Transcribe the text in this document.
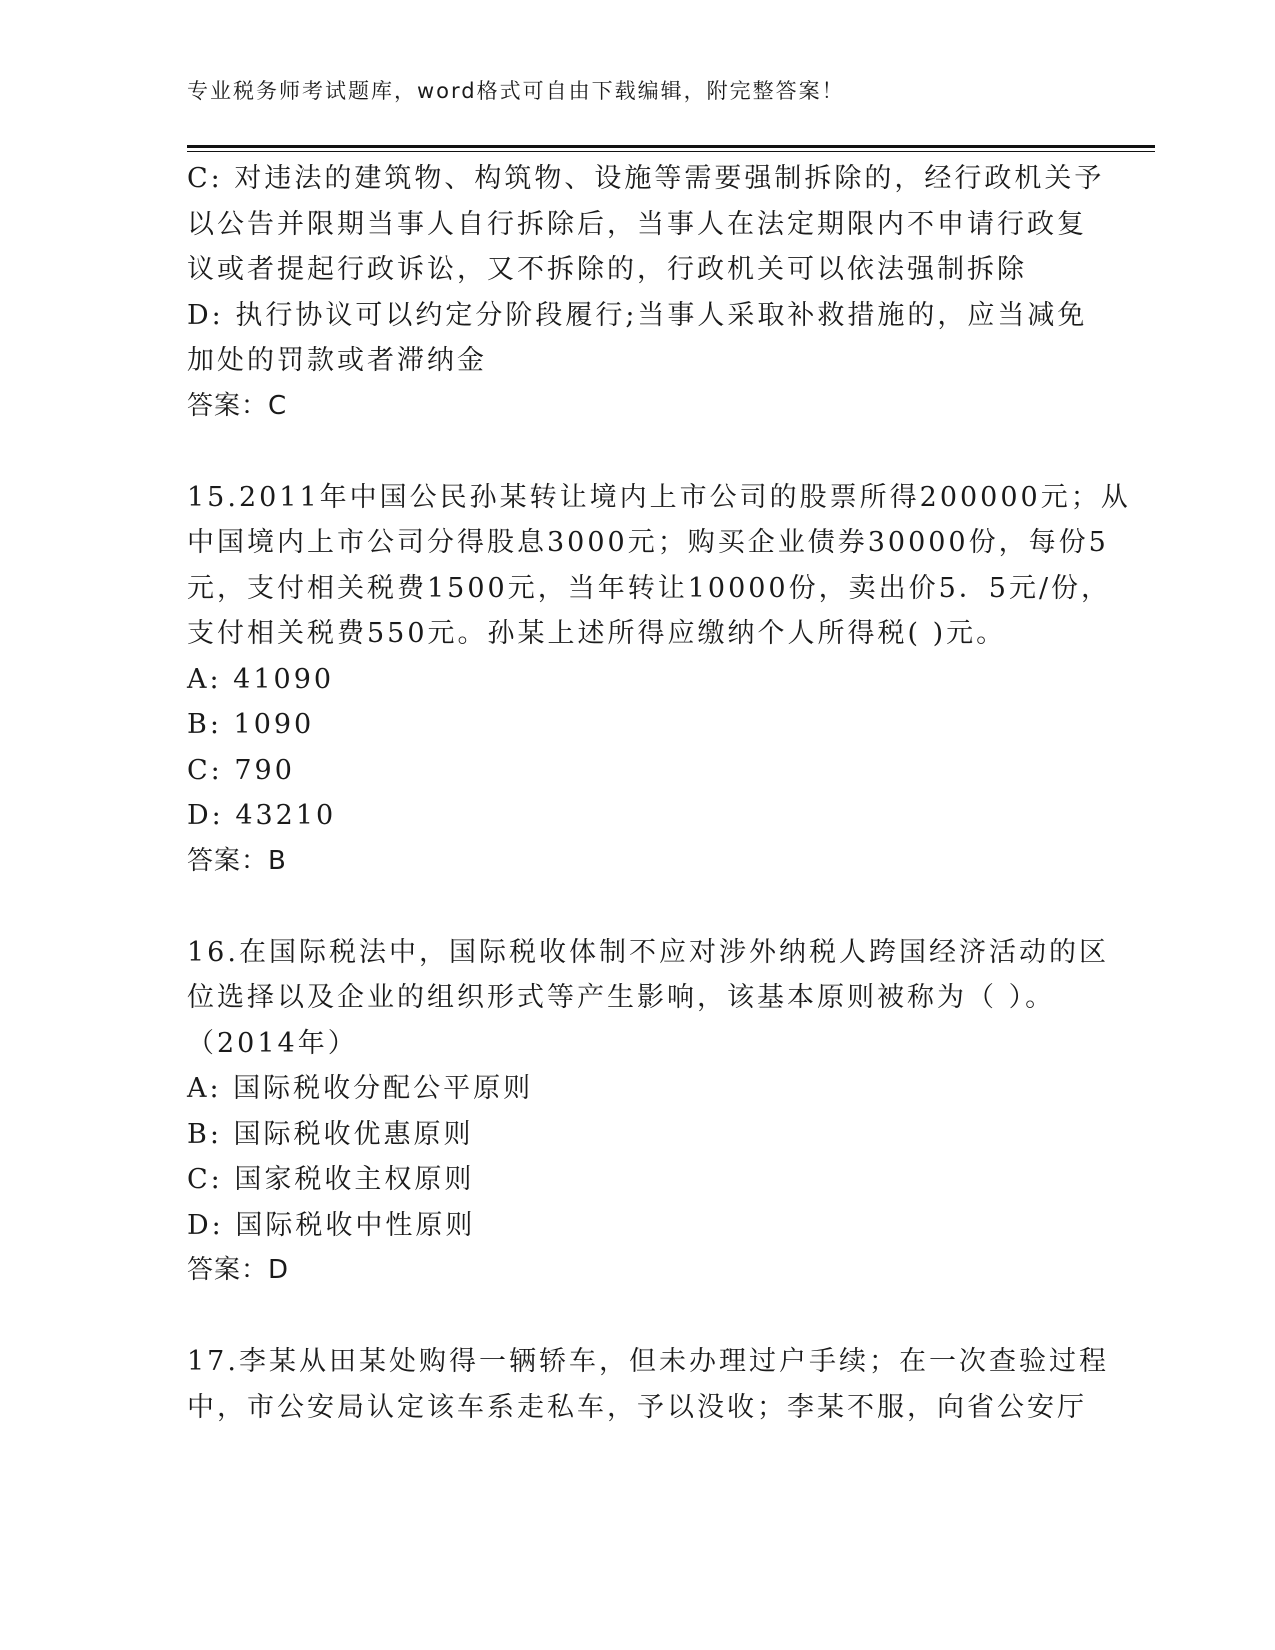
专业税务师考试题库，word格式可自由下载编辑，附完整答案！
C: 对违法的建筑物、构筑物、设施等需要强制拆除的，经行政机关予
以公告并限期当事人自行拆除后，当事人在法定期限内不申请行政复
议或者提起行政诉讼，又不拆除的，行政机关可以依法强制拆除
D: 执行协议可以约定分阶段履行;当事人采取补救措施的，应当减免
加处的罚款或者滞纳金
答案：C
15.2011年中国公民孙某转让境内上市公司的股票所得200000元；从
中国境内上市公司分得股息3000元；购买企业债券30000份，每份5
元，支付相关税费1500元，当年转让10000份，卖出价5．5元/份，
支付相关税费550元。孙某上述所得应缴纳个人所得税( )元。
A: 41090
B: 1090
C: 790
D: 43210
答案：B
16.在国际税法中，国际税收体制不应对涉外纳税人跨国经济活动的区
位选择以及企业的组织形式等产生影响，该基本原则被称为（ ）。
（2014年）
A: 国际税收分配公平原则
B: 国际税收优惠原则
C: 国家税收主权原则
D: 国际税收中性原则
答案：D
17.李某从田某处购得一辆轿车，但未办理过户手续；在一次查验过程
中，市公安局认定该车系走私车，予以没收；李某不服，向省公安厅
